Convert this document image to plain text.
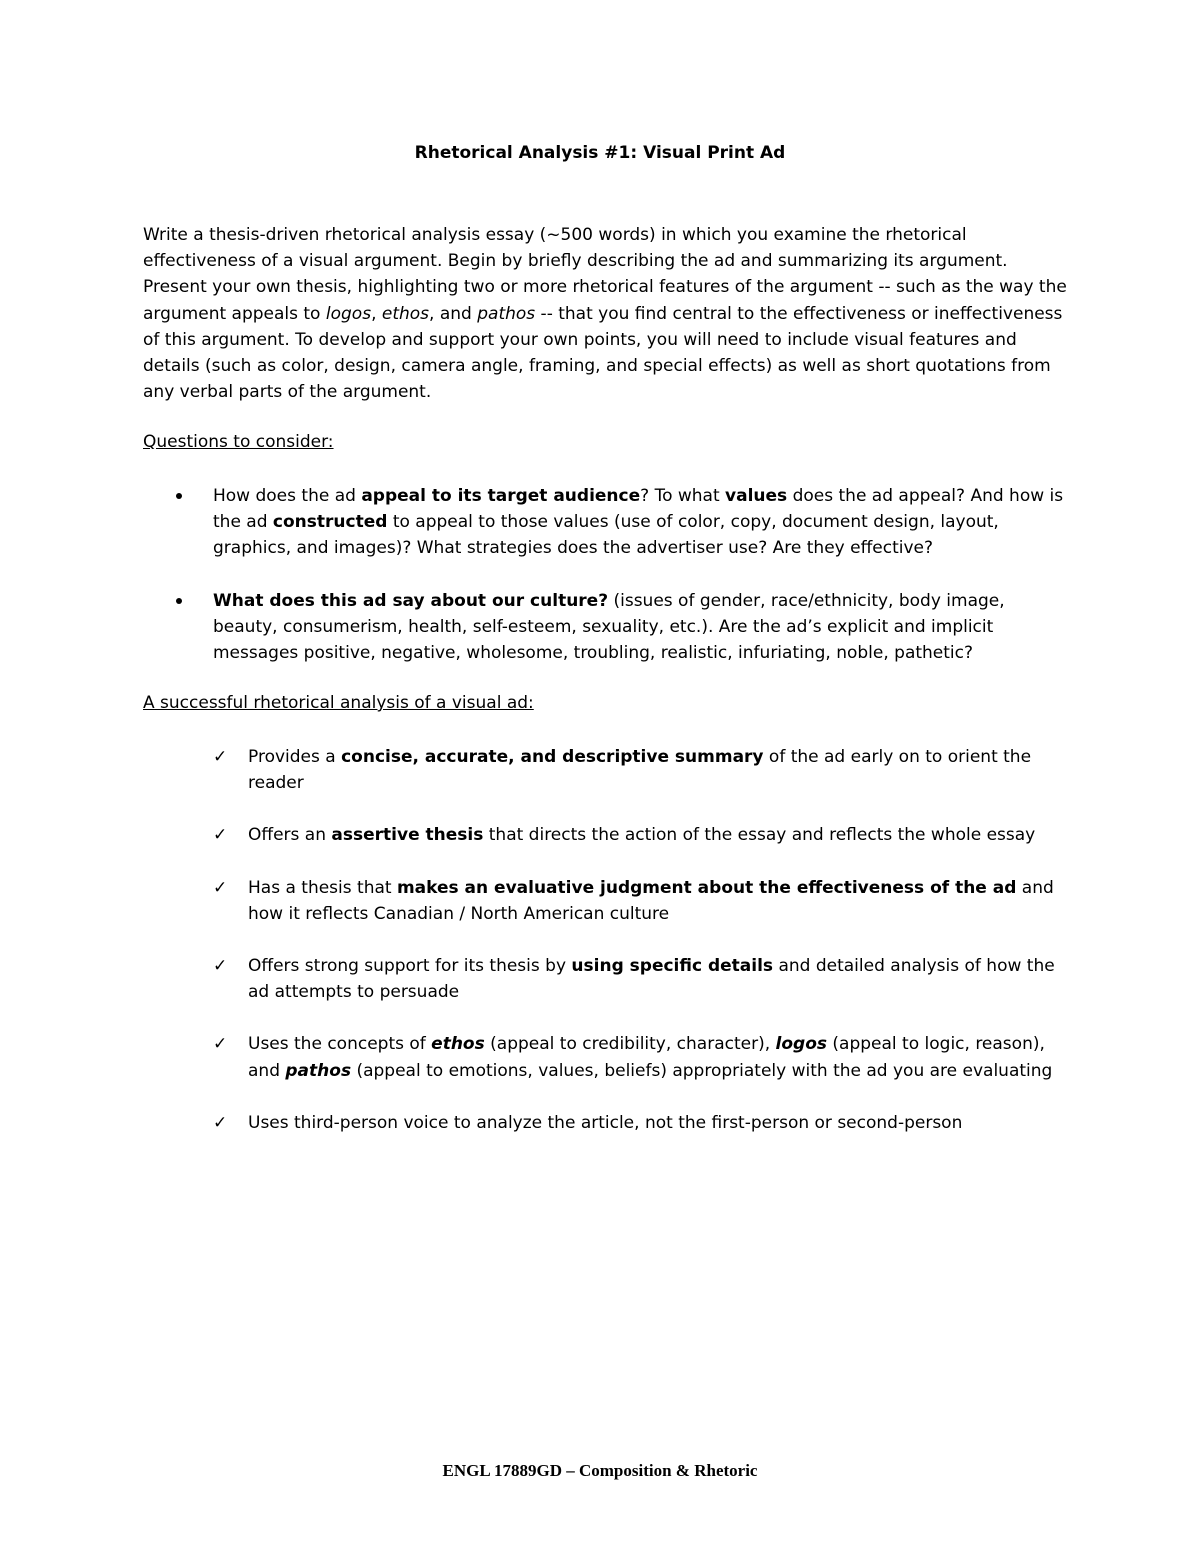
Rhetorical Analysis #1: Visual Print Ad

Write a thesis-driven rhetorical analysis essay (~500 words) in which you examine the rhetorical effectiveness of a visual argument. Begin by briefly describing the ad and summarizing its argument. Present your own thesis, highlighting two or more rhetorical features of the argument -- such as the way the argument appeals to logos, ethos, and pathos -- that you find central to the effectiveness or ineffectiveness of this argument. To develop and support your own points, you will need to include visual features and details (such as color, design, camera angle, framing, and special effects) as well as short quotations from any verbal parts of the argument.

Questions to consider:
How does the ad appeal to its target audience? To what values does the ad appeal? And how is the ad constructed to appeal to those values (use of color, copy, document design, layout, graphics, and images)? What strategies does the advertiser use? Are they effective?
What does this ad say about our culture? (issues of gender, race/ethnicity, body image, beauty, consumerism, health, self-esteem, sexuality, etc.). Are the ad’s explicit and implicit messages positive, negative, wholesome, troubling, realistic, infuriating, noble, pathetic?
A successful rhetorical analysis of a visual ad:
✓ Provides a concise, accurate, and descriptive summary of the ad early on to orient the reader
✓ Offers an assertive thesis that directs the action of the essay and reflects the whole essay
✓ Has a thesis that makes an evaluative judgment about the effectiveness of the ad and how it reflects Canadian / North American culture
✓ Offers strong support for its thesis by using specific details and detailed analysis of how the ad attempts to persuade
✓ Uses the concepts of ethos (appeal to credibility, character), logos (appeal to logic, reason), and pathos (appeal to emotions, values, beliefs) appropriately with the ad you are evaluating
✓ Uses third-person voice to analyze the article, not the first-person or second-person
ENGL 17889GD – Composition & Rhetoric
